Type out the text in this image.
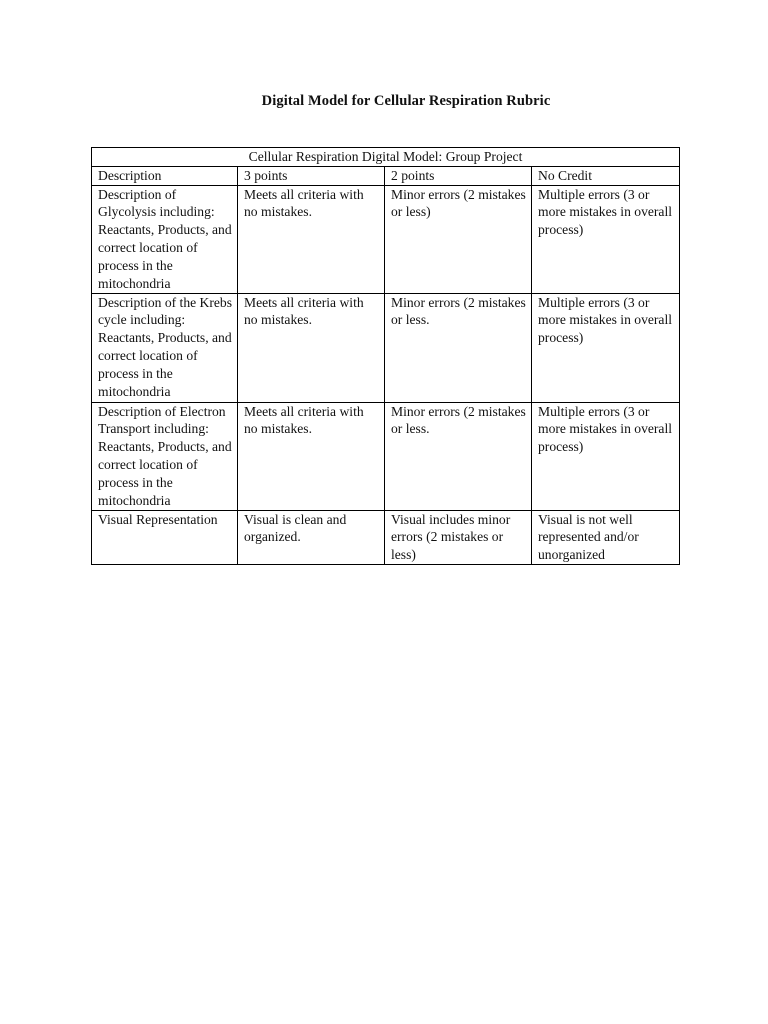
Digital Model for Cellular Respiration Rubric
Cellular Respiration Digital Model: Group Project			
Description	3 points	2 points	No Credit
Description of Glycolysis including: Reactants, Products, and correct location of process in the mitochondria	Meets all criteria with no mistakes.	Minor errors (2 mistakes or less)	Multiple errors (3 or more mistakes in overall process)
Description of the Krebs cycle including: Reactants, Products, and correct location of process in the mitochondria	Meets all criteria with no mistakes.	Minor errors (2 mistakes or less.	Multiple errors (3 or more mistakes in overall process)
Description of Electron Transport including: Reactants, Products, and correct location of process in the mitochondria	Meets all criteria with no mistakes.	Minor errors (2 mistakes or less.	Multiple errors (3 or more mistakes in overall process)
Visual Representation	Visual is clean and organized.	Visual includes minor errors (2 mistakes or less)	Visual is not well represented and/or unorganized
